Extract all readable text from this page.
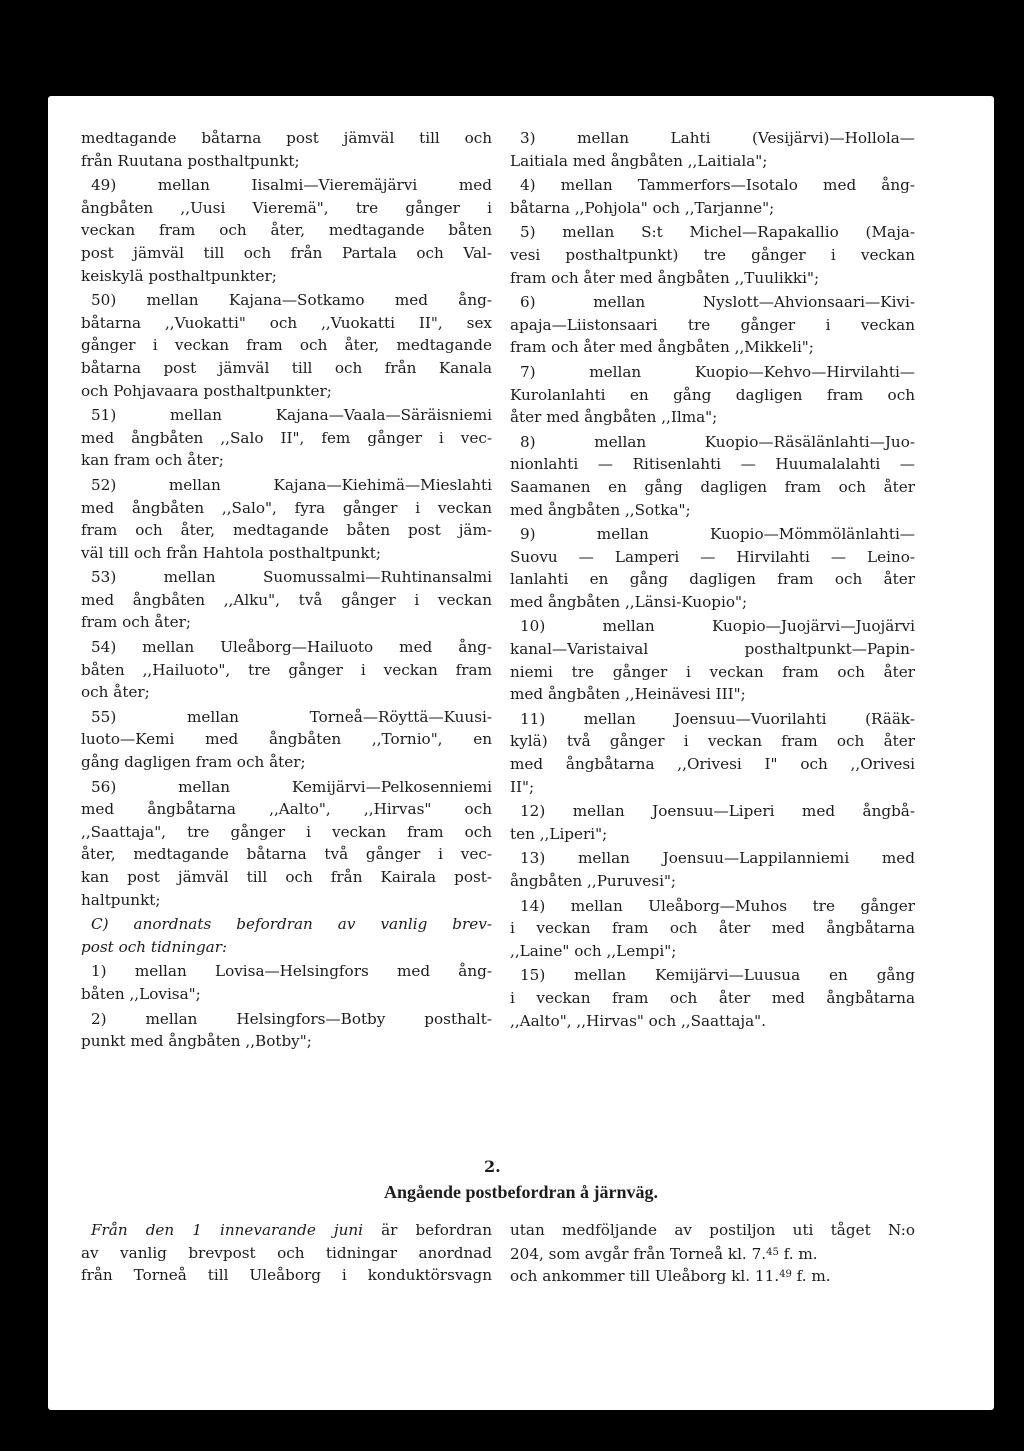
medtagande båtarna post jämväl till och
från Ruutana posthaltpunkt;
49) mellan Iisalmi—Vieremäjärvi med
ångbåten ,,Uusi Vieremä", tre gånger i
veckan fram och åter, medtagande båten
post jämväl till och från Partala och Val-
keiskylä posthaltpunkter;
50) mellan Kajana—Sotkamo med ång-
båtarna ,,Vuokatti" och ,,Vuokatti II", sex
gånger i veckan fram och åter, medtagande
båtarna post jämväl till och från Kanala
och Pohjavaara posthaltpunkter;
51) mellan Kajana—Vaala—Säräisniemi
med ångbåten ,,Salo II", fem gånger i vec-
kan fram och åter;
52) mellan Kajana—Kiehimä—Mieslahti
med ångbåten ,,Salo", fyra gånger i veckan
fram och åter, medtagande båten post jäm-
väl till och från Hahtola posthaltpunkt;
53) mellan Suomussalmi—Ruhtinansalmi
med ångbåten ,,Alku", två gånger i veckan
fram och åter;
54) mellan Uleåborg—Hailuoto med ång-
båten ,,Hailuoto", tre gånger i veckan fram
och åter;
55) mellan Torneå—Röyttä—Kuusi-
luoto—Kemi med ångbåten ,,Tornio", en
gång dagligen fram och åter;
56) mellan Kemijärvi—Pelkosenniemi
med ångbåtarna ,,Aalto", ,,Hirvas" och
,,Saattaja", tre gånger i veckan fram och
åter, medtagande båtarna två gånger i vec-
kan post jämväl till och från Kairala post-
haltpunkt;
C) anordnats befordran av vanlig brev-
post och tidningar:
1) mellan Lovisa—Helsingfors med ång-
båten ,,Lovisa";
2) mellan Helsingfors—Botby posthalt-
punkt med ångbåten ,,Botby";
3) mellan Lahti (Vesijärvi)—Hollola—
Laitiala med ångbåten ,,Laitiala";
4) mellan Tammerfors—Isotalo med ång-
båtarna ,,Pohjola" och ,,Tarjanne";
5) mellan S:t Michel—Rapakallio (Maja-
vesi posthaltpunkt) tre gånger i veckan
fram och åter med ångbåten ,,Tuulikki";
6) mellan Nyslott—Ahvionsaari—Kivi-
apaja—Liistonsaari tre gånger i veckan
fram och åter med ångbåten ,,Mikkeli";
7) mellan Kuopio—Kehvo—Hirvilahti—
Kurolanlahti en gång dagligen fram och
åter med ångbåten ,,Ilma";
8) mellan Kuopio—Räsälänlahti—Juo-
nionlahti — Ritisenlahti — Huumalalahti —
Saamanen en gång dagligen fram och åter
med ångbåten ,,Sotka";
9) mellan Kuopio—Mömmölänlahti—
Suovu — Lamperi — Hirvilahti — Leino-
lanlahti en gång dagligen fram och åter
med ångbåten ,,Länsi-Kuopio";
10) mellan Kuopio—Juojärvi—Juojärvi
kanal—Varistaival posthaltpunkt—Papin-
niemi tre gånger i veckan fram och åter
med ångbåten ,,Heinävesi III";
11) mellan Joensuu—Vuorilahti (Rääk-
kylä) två gånger i veckan fram och åter
med ångbåtarna ,,Orivesi I" och ,,Orivesi
II";
12) mellan Joensuu—Liperi med ångbå-
ten ,,Liperi";
13) mellan Joensuu—Lappilanniemi med
ångbåten ,,Puruvesi";
14) mellan Uleåborg—Muhos tre gånger
i veckan fram och åter med ångbåtarna
,,Laine" och ,,Lempi";
15) mellan Kemijärvi—Luusua en gång
i veckan fram och åter med ångbåtarna
,,Aalto", ,,Hirvas" och ,,Saattaja".
2.
Angående postbefordran å järnväg.
Från den 1 innevarande juni är befordran
av vanlig brevpost och tidningar anordnad
från Torneå till Uleåborg i konduktörsvagn
utan medföljande av postiljon uti tåget N:o
204, som avgår från Torneå kl. 7.45 f. m.
och ankommer till Uleåborg kl. 11.49 f. m.
